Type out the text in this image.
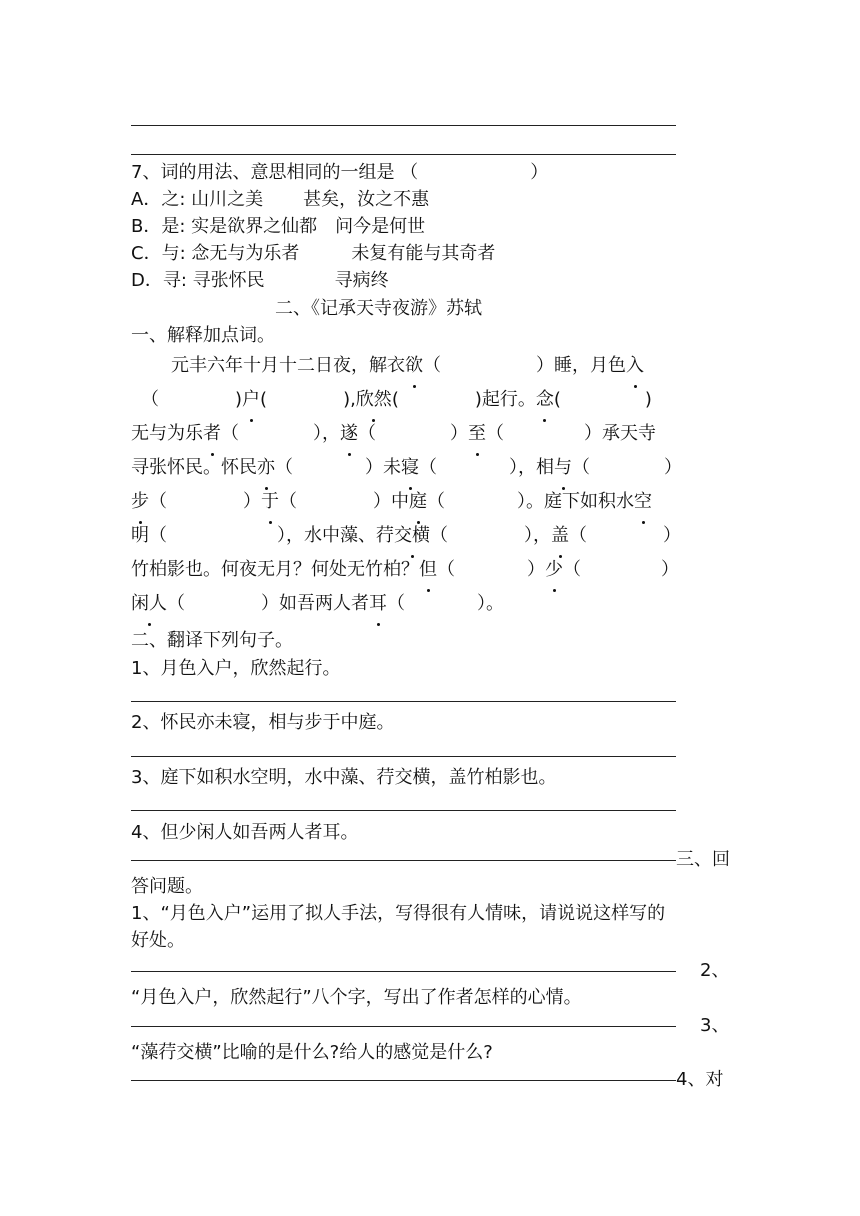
7、词的用法、意思相同的一组是 （	）
A．之: 山川之美 甚矣，汝之不惠
B．是: 实是欲界之仙都 问今是何世
C．与: 念无与为乐者	未复有能与其奇者
D．寻: 寻张怀民	寻病终
二、《记承天寺夜游》苏轼
一、解释加点词。
元丰六年十月十二日夜，解衣欲（	）睡，月色入
（	)户(	),欣然(	)起行。念(	)
无与为乐者（	），遂（	）至（	）承天寺
寻张怀民。怀民亦（	）未寝（	），相与（	）
步（	）于（	）中庭（	）。庭下如积水空
明（	），水中藻、荇交横（	），盖（	）
竹柏影也。何夜无月？何处无竹柏？但（	）少（	）
闲人（	）如吾两人者耳（	）。
二、翻译下列句子。
1、月色入户，欣然起行。
2、怀民亦未寝，相与步于中庭。
3、庭下如积水空明，水中藻、荇交横，盖竹柏影也。
4、但少闲人如吾两人者耳。
三、回
答问题。
1、“月色入户”运用了拟人手法，写得很有人情味，请说说这样写的
好处。
2、
“月色入户，欣然起行”八个字，写出了作者怎样的心情。
3、
“藻荇交横”比喻的是什么?给人的感觉是什么?
4、对
